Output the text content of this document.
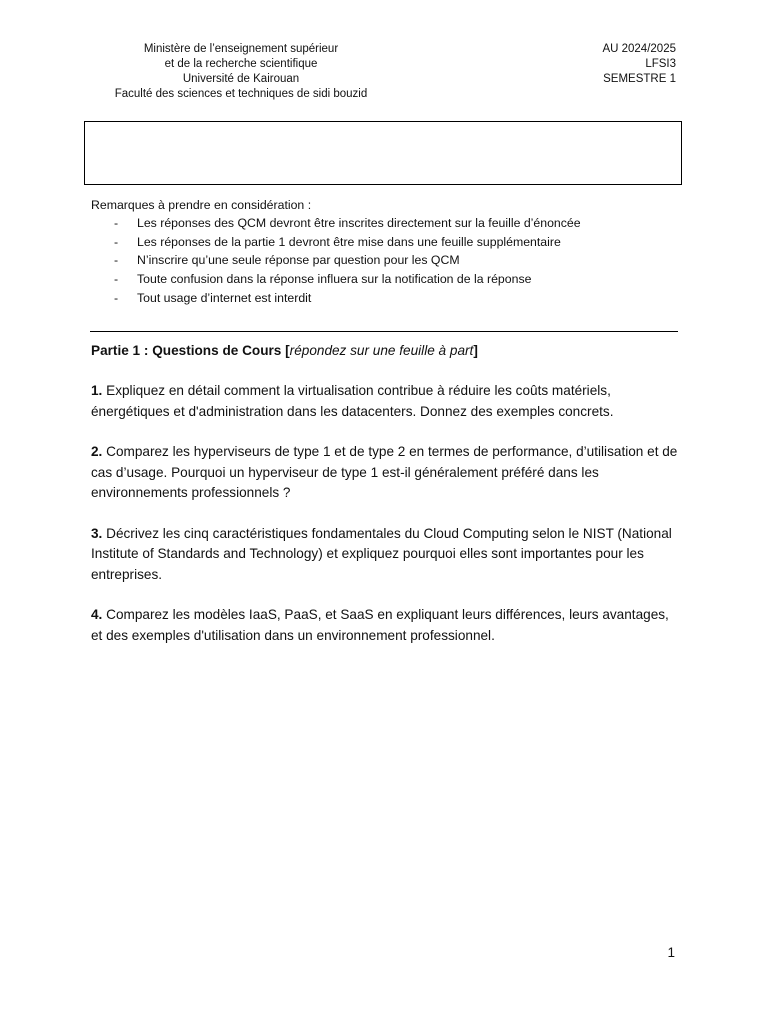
Ministère de l’enseignement supérieur
et de la recherche scientifique
Université de Kairouan
Faculté des sciences et techniques de sidi bouzid
AU 2024/2025
LFSI3
SEMESTRE 1
Remarques à prendre en considération :
- Les réponses des QCM devront être inscrites directement sur la feuille d’énoncée
- Les réponses de la partie 1 devront être mise dans une feuille supplémentaire
- N’inscrire qu’une seule réponse par question pour les QCM
- Toute confusion dans la réponse influera sur la notification de la réponse
- Tout usage d’internet est interdit
Partie 1 : Questions de Cours [répondez sur une feuille à part]
1. Expliquez en détail comment la virtualisation contribue à réduire les coûts matériels, énergétiques et d'administration dans les datacenters. Donnez des exemples concrets.
2. Comparez les hyperviseurs de type 1 et de type 2 en termes de performance, d’utilisation et de cas d’usage. Pourquoi un hyperviseur de type 1 est-il généralement préféré dans les environnements professionnels ?
3. Décrivez les cinq caractéristiques fondamentales du Cloud Computing selon le NIST (National Institute of Standards and Technology) et expliquez pourquoi elles sont importantes pour les entreprises.
4. Comparez les modèles IaaS, PaaS, et SaaS en expliquant leurs différences, leurs avantages, et des exemples d'utilisation dans un environnement professionnel.
1
